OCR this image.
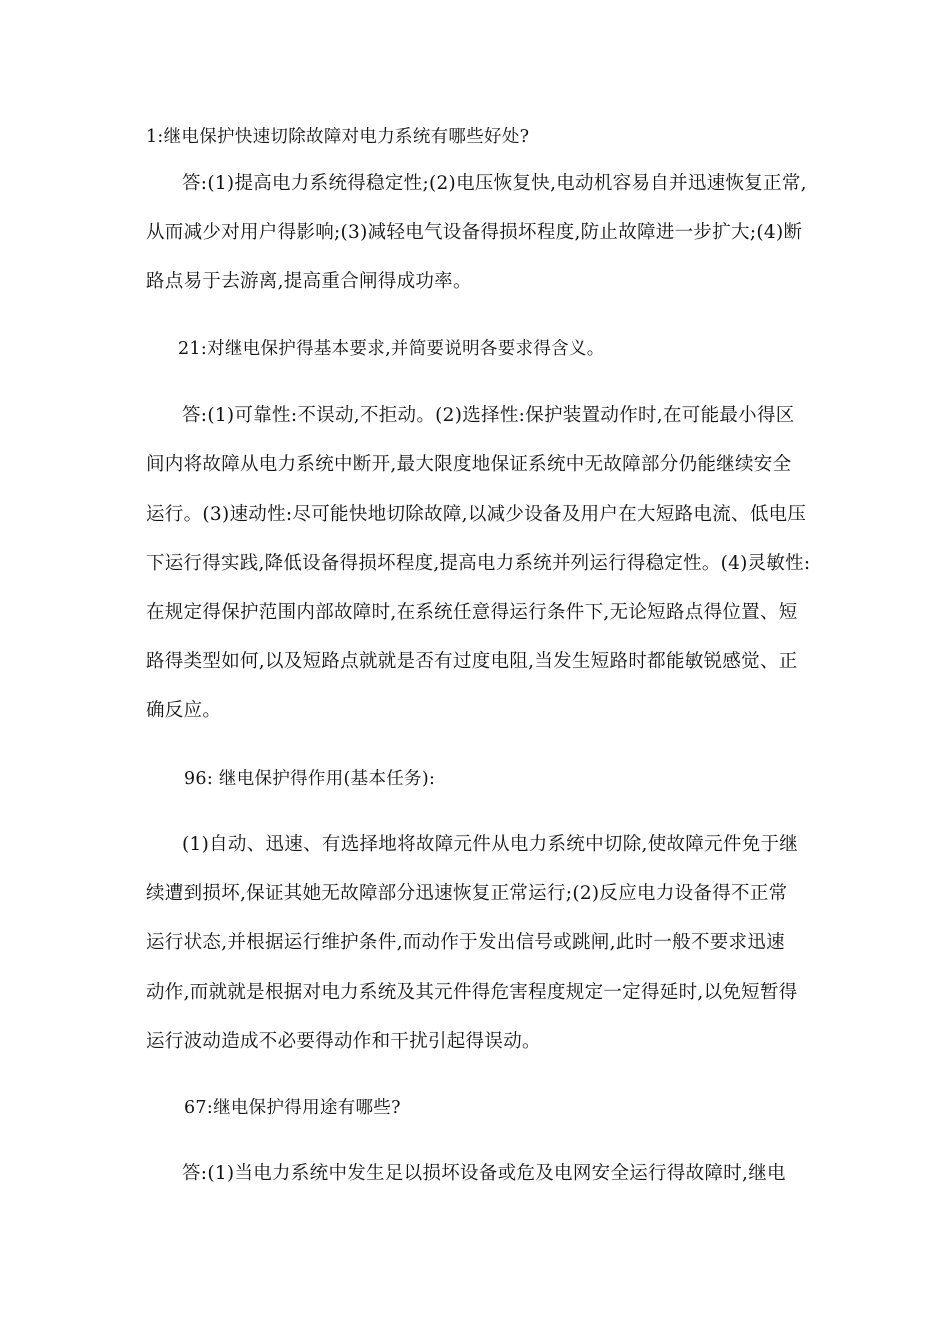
1:继电保护快速切除故障对电力系统有哪些好处?
答:(1)提高电力系统得稳定性;(2)电压恢复快,电动机容易自并迅速恢复正常,
从而减少对用户得影响;(3)减轻电气设备得损坏程度,防止故障进一步扩大;(4)断
路点易于去游离,提高重合闸得成功率。
21:对继电保护得基本要求,并简要说明各要求得含义。
答:(1)可靠性:不误动,不拒动。(2)选择性:保护装置动作时,在可能最小得区
间内将故障从电力系统中断开,最大限度地保证系统中无故障部分仍能继续安全
运行。(3)速动性:尽可能快地切除故障,以减少设备及用户在大短路电流、低电压
下运行得实践,降低设备得损坏程度,提高电力系统并列运行得稳定性。(4)灵敏性:
在规定得保护范围内部故障时,在系统任意得运行条件下,无论短路点得位置、短
路得类型如何,以及短路点就就是否有过度电阻,当发生短路时都能敏锐感觉、正
确反应。
96: 继电保护得作用(基本任务):
(1)自动、迅速、有选择地将故障元件从电力系统中切除,使故障元件免于继
续遭到损坏,保证其她无故障部分迅速恢复正常运行;(2)反应电力设备得不正常
运行状态,并根据运行维护条件,而动作于发出信号或跳闸,此时一般不要求迅速
动作,而就就是根据对电力系统及其元件得危害程度规定一定得延时,以免短暂得
运行波动造成不必要得动作和干扰引起得误动。
67:继电保护得用途有哪些?
答:(1)当电力系统中发生足以损坏设备或危及电网安全运行得故障时,继电
